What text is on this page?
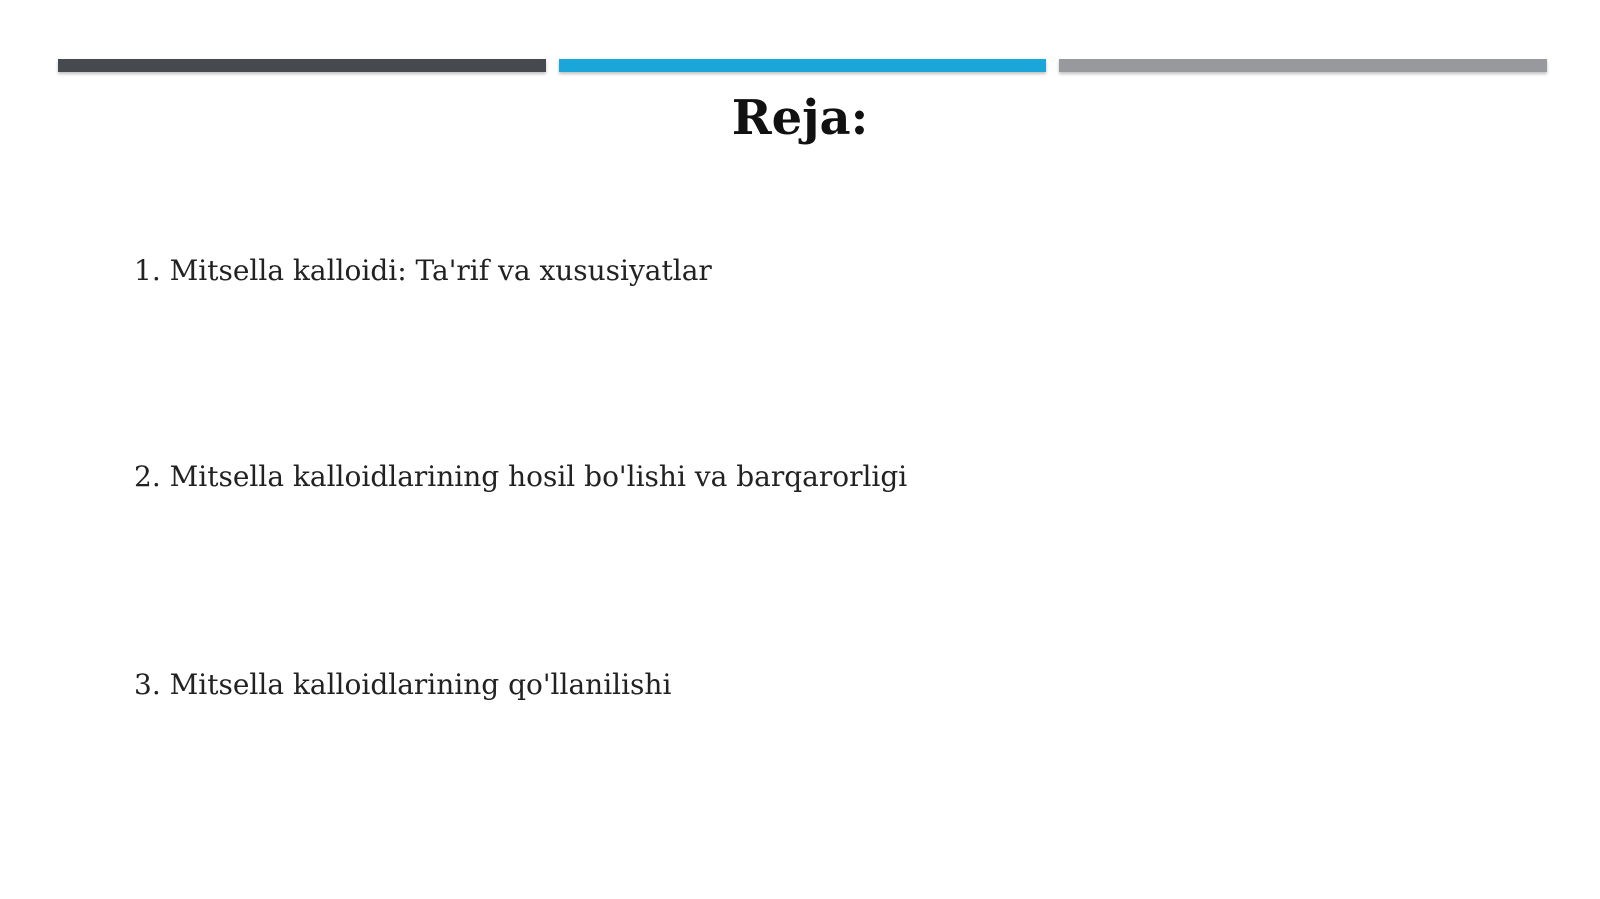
Reja:

1. Mitsella kalloidi: Ta'rif va xususiyatlar

2. Mitsella kalloidlarining hosil bo'lishi va barqarorligi

3. Mitsella kalloidlarining qo'llanilishi
